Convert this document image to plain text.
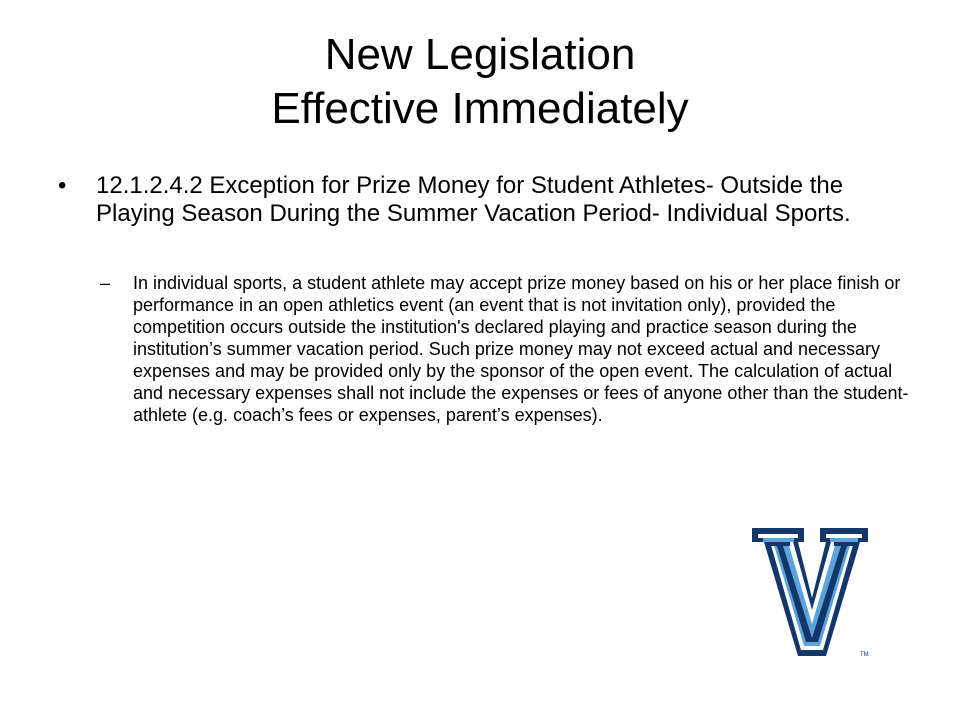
New Legislation
Effective Immediately
• 12.1.2.4.2 Exception for Prize Money for Student Athletes- Outside the Playing Season During the Summer Vacation Period- Individual Sports.
– In individual sports, a student athlete may accept prize money based on his or her place finish or performance in an open athletics event (an event that is not invitation only), provided the competition occurs outside the institution's declared playing and practice season during the institution’s summer vacation period. Such prize money may not exceed actual and necessary expenses and may be provided only by the sponsor of the open event. The calculation of actual and necessary expenses shall not include the expenses or fees of anyone other than the student-athlete (e.g. coach’s fees or expenses, parent’s expenses).
TM
